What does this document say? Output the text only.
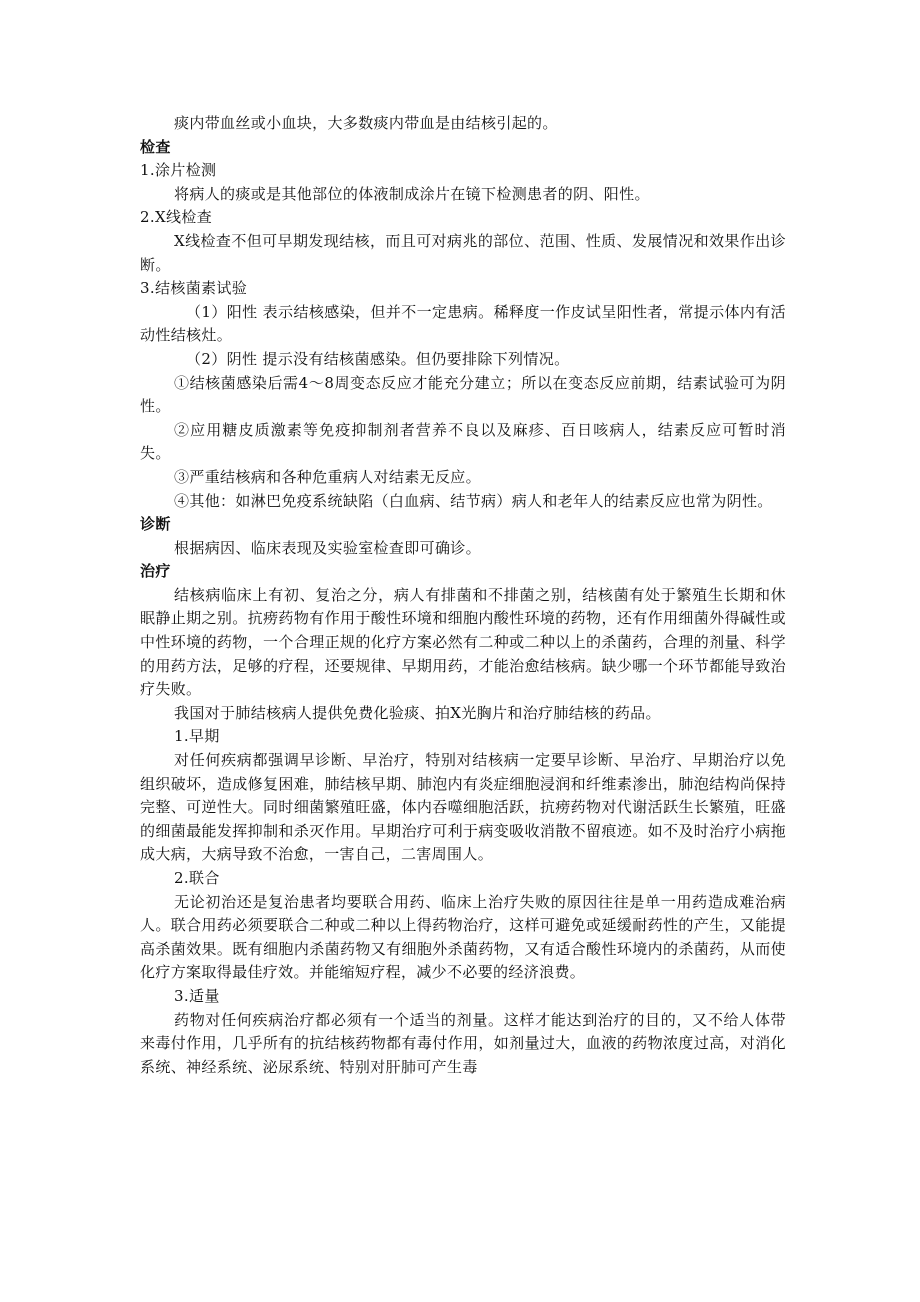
痰内带血丝或小血块，大多数痰内带血是由结核引起的。

检查

1.涂片检测

将病人的痰或是其他部位的体液制成涂片在镜下检测患者的阴、阳性。

2.X线检查

X线检查不但可早期发现结核，而且可对病兆的部位、范围、性质、发展情况和效果作出诊断。

3.结核菌素试验

（1）阳性 表示结核感染，但并不一定患病。稀释度一作皮试呈阳性者，常提示体内有活动性结核灶。

（2）阴性 提示没有结核菌感染。但仍要排除下列情况。

①结核菌感染后需4～8周变态反应才能充分建立；所以在变态反应前期，结素试验可为阴性。

②应用糖皮质激素等免疫抑制剂者营养不良以及麻疹、百日咳病人，结素反应可暂时消失。

③严重结核病和各种危重病人对结素无反应。

④其他：如淋巴免疫系统缺陷（白血病、结节病）病人和老年人的结素反应也常为阴性。

诊断

根据病因、临床表现及实验室检查即可确诊。

治疗

结核病临床上有初、复治之分，病人有排菌和不排菌之别，结核菌有处于繁殖生长期和休眠静止期之别。抗痨药物有作用于酸性环境和细胞内酸性环境的药物，还有作用细菌外得碱性或中性环境的药物，一个合理正规的化疗方案必然有二种或二种以上的杀菌药，合理的剂量、科学的用药方法，足够的疗程，还要规律、早期用药，才能治愈结核病。缺少哪一个环节都能导致治疗失败。

我国对于肺结核病人提供免费化验痰、拍X光胸片和治疗肺结核的药品。

1.早期

对任何疾病都强调早诊断、早治疗，特别对结核病一定要早诊断、早治疗、早期治疗以免组织破坏，造成修复困难，肺结核早期、肺泡内有炎症细胞浸润和纤维素渗出，肺泡结构尚保持完整、可逆性大。同时细菌繁殖旺盛，体内吞噬细胞活跃，抗痨药物对代谢活跃生长繁殖，旺盛的细菌最能发挥抑制和杀灭作用。早期治疗可利于病变吸收消散不留痕迹。如不及时治疗小病拖成大病，大病导致不治愈，一害自己，二害周围人。

2.联合

无论初治还是复治患者均要联合用药、临床上治疗失败的原因往往是单一用药造成难治病人。联合用药必须要联合二种或二种以上得药物治疗，这样可避免或延缓耐药性的产生，又能提高杀菌效果。既有细胞内杀菌药物又有细胞外杀菌药物，又有适合酸性环境内的杀菌药，从而使化疗方案取得最佳疗效。并能缩短疗程，减少不必要的经济浪费。

3.适量

药物对任何疾病治疗都必须有一个适当的剂量。这样才能达到治疗的目的，又不给人体带来毒付作用，几乎所有的抗结核药物都有毒付作用，如剂量过大，血液的药物浓度过高，对消化系统、神经系统、泌尿系统、特别对肝肺可产生毒
